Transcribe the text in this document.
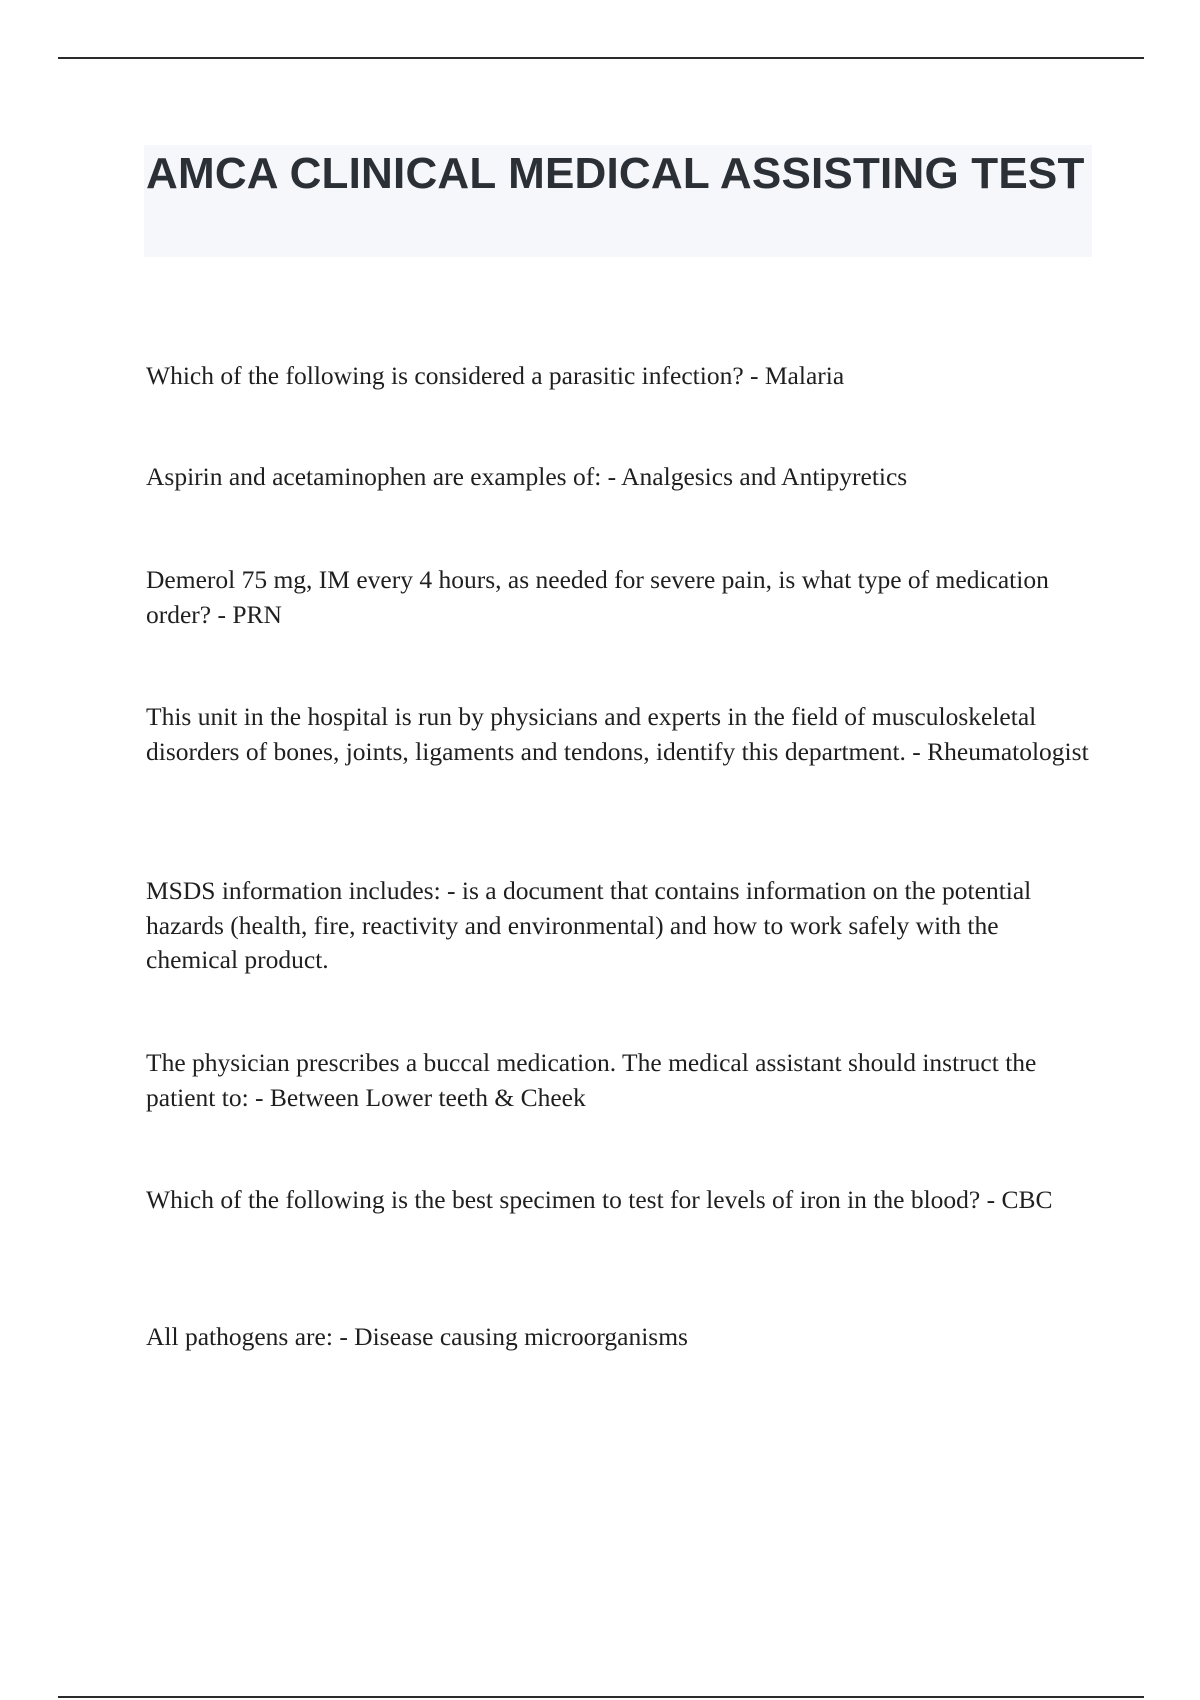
AMCA CLINICAL MEDICAL ASSISTING TEST

Which of the following is considered a parasitic infection? - Malaria

Aspirin and acetaminophen are examples of: - Analgesics and Antipyretics

Demerol 75 mg, IM every 4 hours, as needed for severe pain, is what type of medication order? - PRN

This unit in the hospital is run by physicians and experts in the field of musculoskeletal disorders of bones, joints, ligaments and tendons, identify this department. - Rheumatologist

MSDS information includes: - is a document that contains information on the potential hazards (health, fire, reactivity and environmental) and how to work safely with the chemical product.

The physician prescribes a buccal medication. The medical assistant should instruct the patient to: - Between Lower teeth & Cheek

Which of the following is the best specimen to test for levels of iron in the blood? - CBC

All pathogens are: - Disease causing microorganisms
